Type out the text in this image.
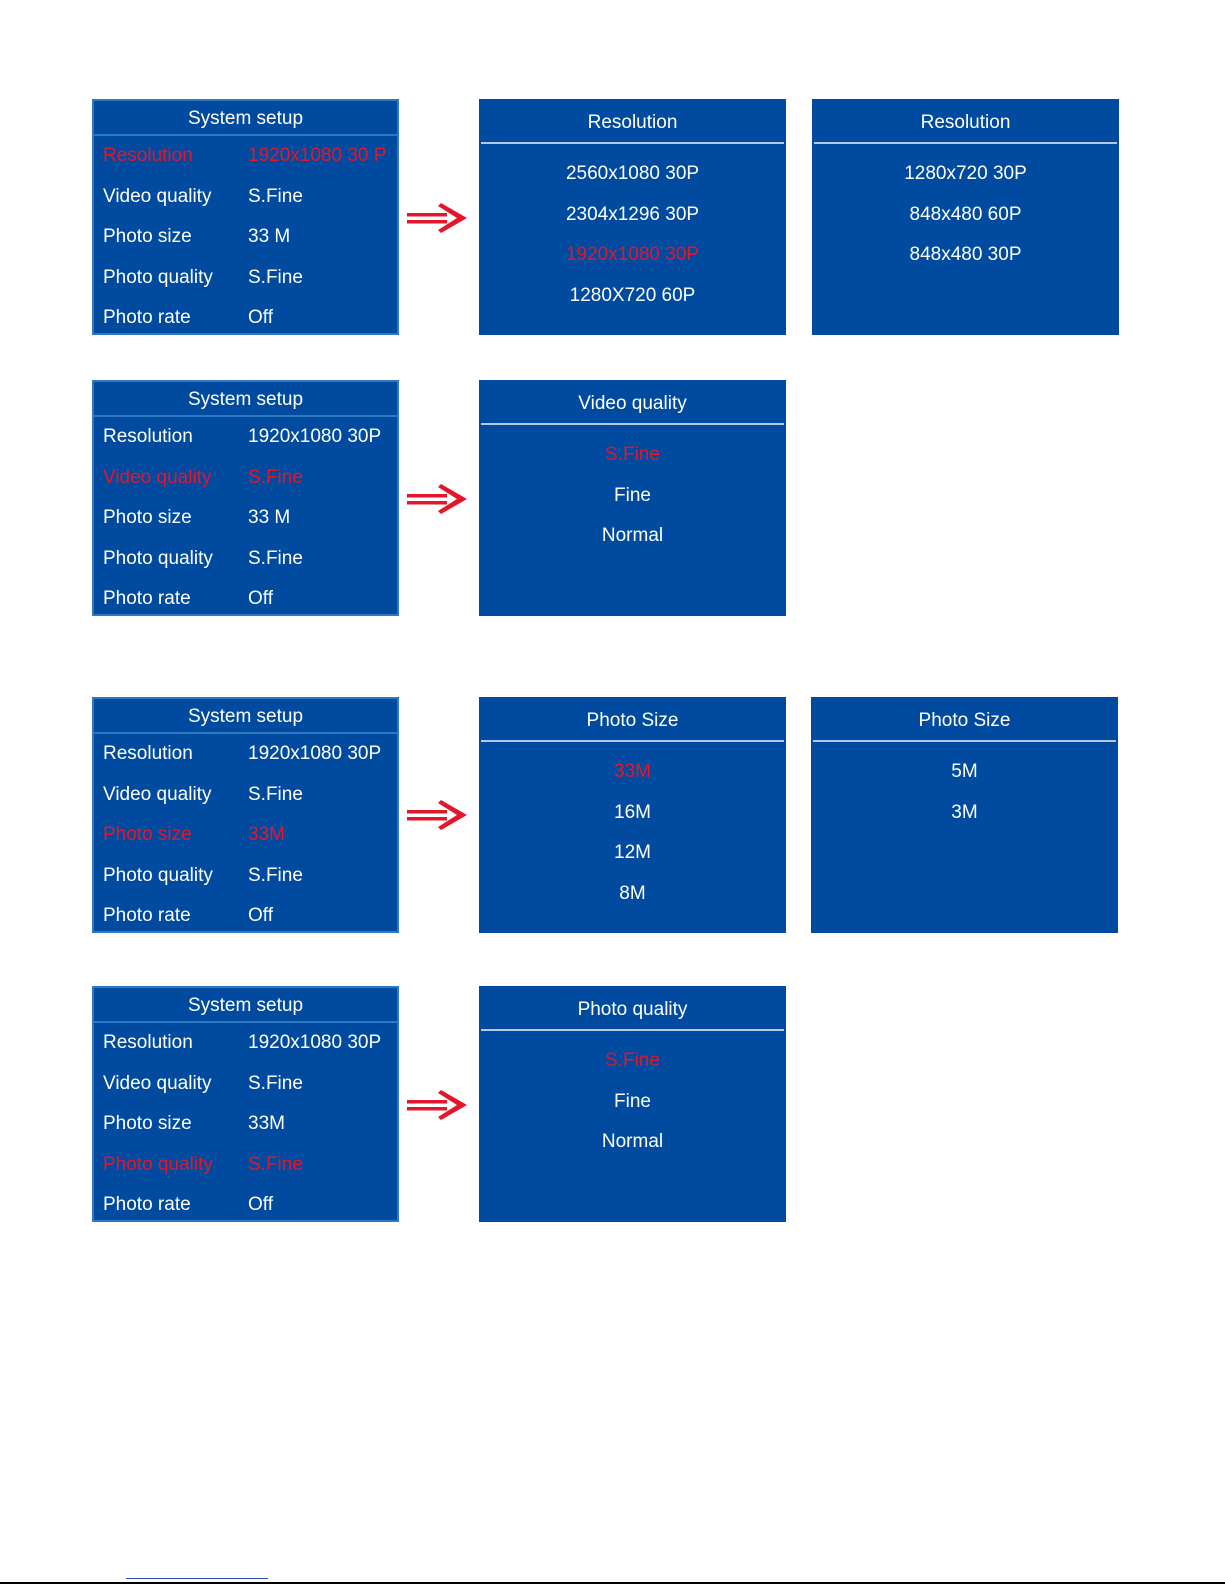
System setup
Resolution	1920x1080 30 P
Video quality S.Fine
Photo size	33 M
Photo quality S.Fine
Photo rate	Off
Resolution
2560x1080 30P
2304x1296 30P
1920x1080 30P
1280X720 60P
Resolution
1280x720 30P
848x480 60P
848x480 30P
System setup
Resolution	1920x1080 30P
Video quality S.Fine
Photo size	33 M
Photo quality S.Fine
Photo rate	Off
Video quality
S.Fine
Fine
Normal
System setup
Resolution	1920x1080 30P
Video quality S.Fine
Photo size	33M
Photo quality S.Fine
Photo rate	Off
Photo Size
33M
16M
12M
8M
Photo Size
5M
3M
System setup
Resolution	1920x1080 30P
Video quality S.Fine
Photo size	33M
Photo quality S.Fine
Photo rate	Off
Photo quality
S.Fine
Fine
Normal
